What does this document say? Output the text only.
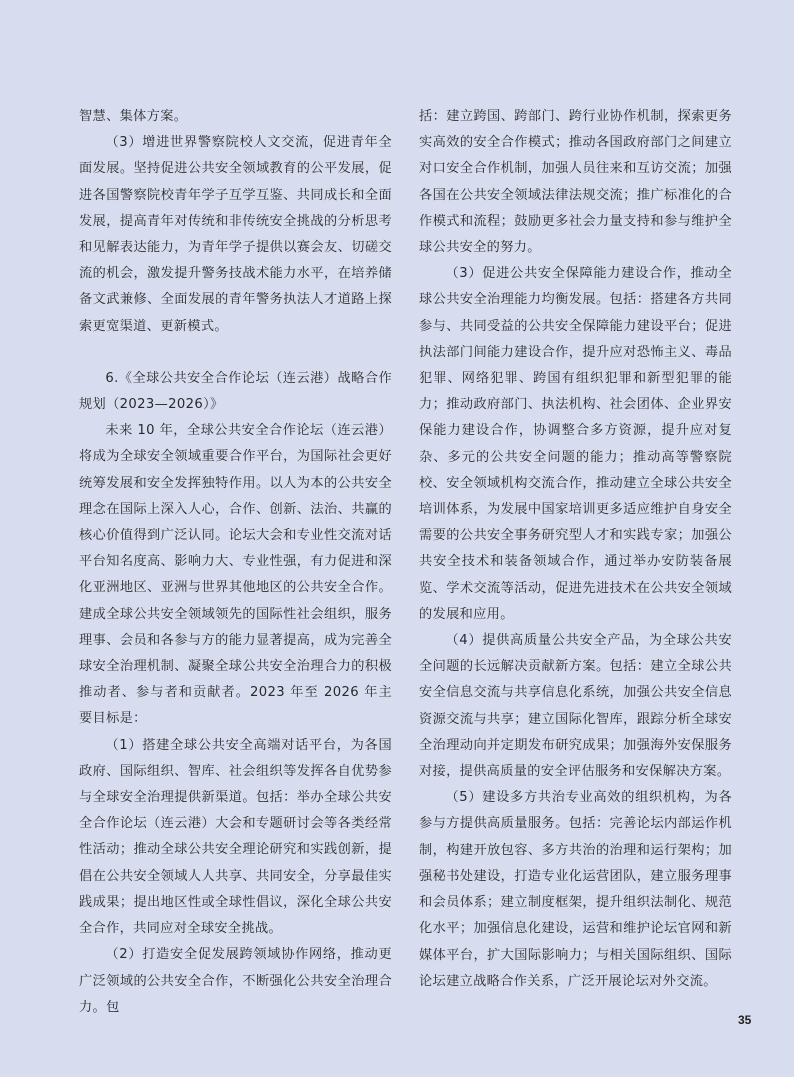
智慧、集体方案。

（3）增进世界警察院校人文交流，促进青年全面发展。坚持促进公共安全领域教育的公平发展，促进各国警察院校青年学子互学互鉴、共同成长和全面发展，提高青年对传统和非传统安全挑战的分析思考和见解表达能力，为青年学子提供以赛会友、切磋交流的机会，激发提升警务技战术能力水平，在培养储备文武兼修、全面发展的青年警务执法人才道路上探索更宽渠道、更新模式。

6.《全球公共安全合作论坛（连云港）战略合作规划（2023—2026）》

未来 10 年，全球公共安全合作论坛（连云港）将成为全球安全领域重要合作平台，为国际社会更好统筹发展和安全发挥独特作用。以人为本的公共安全理念在国际上深入人心，合作、创新、法治、共赢的核心价值得到广泛认同。论坛大会和专业性交流对话平台知名度高、影响力大、专业性强，有力促进和深化亚洲地区、亚洲与世界其他地区的公共安全合作。建成全球公共安全领域领先的国际性社会组织，服务理事、会员和各参与方的能力显著提高，成为完善全球安全治理机制、凝聚全球公共安全治理合力的积极推动者、参与者和贡献者。2023 年至 2026 年主要目标是：

（1）搭建全球公共安全高端对话平台，为各国政府、国际组织、智库、社会组织等发挥各自优势参与全球安全治理提供新渠道。包括：举办全球公共安全合作论坛（连云港）大会和专题研讨会等各类经常性活动；推动全球公共安全理论研究和实践创新，提倡在公共安全领域人人共享、共同安全，分享最佳实践成果；提出地区性或全球性倡议，深化全球公共安全合作，共同应对全球安全挑战。

（2）打造安全促发展跨领域协作网络，推动更广泛领域的公共安全合作，不断强化公共安全治理合力。包

括：建立跨国、跨部门、跨行业协作机制，探索更务实高效的安全合作模式；推动各国政府部门之间建立对口安全合作机制，加强人员往来和互访交流；加强各国在公共安全领域法律法规交流；推广标准化的合作模式和流程；鼓励更多社会力量支持和参与维护全球公共安全的努力。

（3）促进公共安全保障能力建设合作，推动全球公共安全治理能力均衡发展。包括：搭建各方共同参与、共同受益的公共安全保障能力建设平台；促进执法部门间能力建设合作，提升应对恐怖主义、毒品犯罪、网络犯罪、跨国有组织犯罪和新型犯罪的能力；推动政府部门、执法机构、社会团体、企业界安保能力建设合作，协调整合多方资源，提升应对复杂、多元的公共安全问题的能力；推动高等警察院校、安全领域机构交流合作，推动建立全球公共安全培训体系，为发展中国家培训更多适应维护自身安全需要的公共安全事务研究型人才和实践专家；加强公共安全技术和装备领域合作，通过举办安防装备展览、学术交流等活动，促进先进技术在公共安全领域的发展和应用。

（4）提供高质量公共安全产品，为全球公共安全问题的长远解决贡献新方案。包括：建立全球公共安全信息交流与共享信息化系统，加强公共安全信息资源交流与共享；建立国际化智库，跟踪分析全球安全治理动向并定期发布研究成果；加强海外安保服务对接，提供高质量的安全评估服务和安保解决方案。

（5）建设多方共治专业高效的组织机构，为各参与方提供高质量服务。包括：完善论坛内部运作机制，构建开放包容、多方共治的治理和运行架构；加强秘书处建设，打造专业化运营团队，建立服务理事和会员体系；建立制度框架，提升组织法制化、规范化水平；加强信息化建设，运营和维护论坛官网和新媒体平台，扩大国际影响力；与相关国际组织、国际论坛建立战略合作关系，广泛开展论坛对外交流。

35
